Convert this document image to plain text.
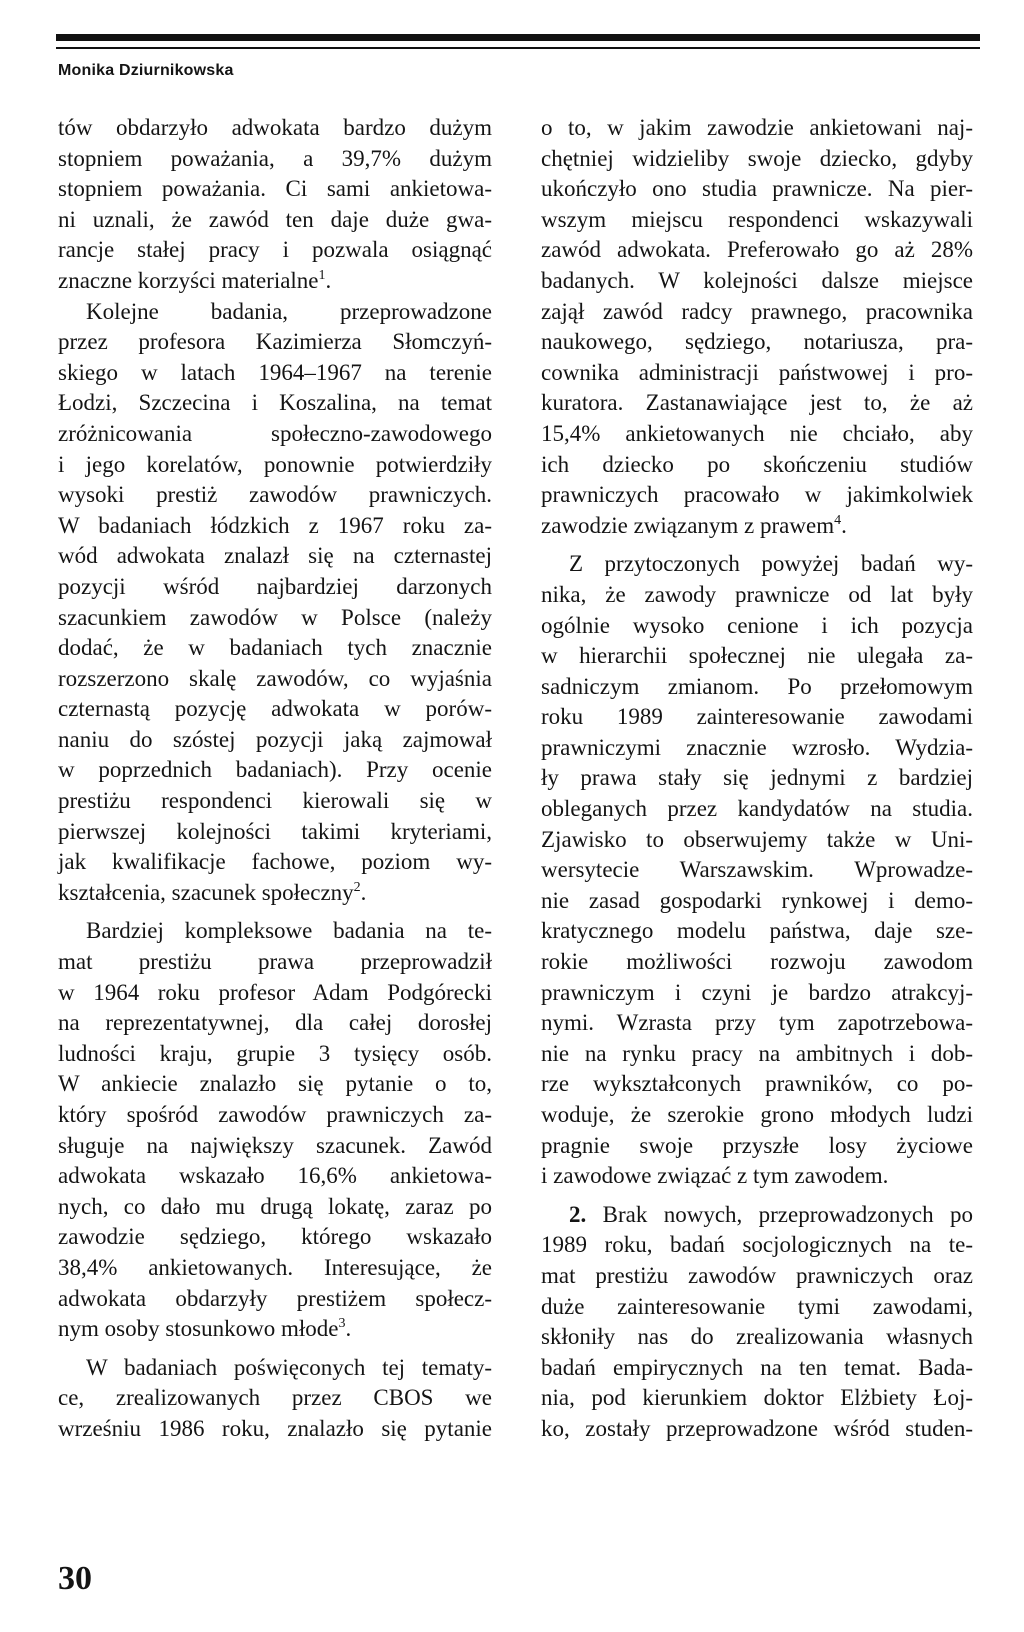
Monika Dziurnikowska

tów obdarzyło adwokata bardzo dużym
stopniem poważania, a 39,7% dużym
stopniem poważania. Ci sami ankietowa-
ni uznali, że zawód ten daje duże gwa-
rancje stałej pracy i pozwala osiągnąć
znaczne korzyści materialne$^1$.

Kolejne badania, przeprowadzone
przez profesora Kazimierza Słomczyń-
skiego w latach 1964–1967 na terenie
Łodzi, Szczecina i Koszalina, na temat
zróżnicowania społeczno-zawodowego
i jego korelatów, ponownie potwierdziły
wysoki prestiż zawodów prawniczych.
W badaniach łódzkich z 1967 roku za-
wód adwokata znalazł się na czternastej
pozycji wśród najbardziej darzonych
szacunkiem zawodów w Polsce (należy
dodać, że w badaniach tych znacznie
rozszerzono skalę zawodów, co wyjaśnia
czternastą pozycję adwokata w porów-
naniu do szóstej pozycji jaką zajmował
w poprzednich badaniach). Przy ocenie
prestiżu respondenci kierowali się w
pierwszej kolejności takimi kryteriami,
jak kwalifikacje fachowe, poziom wy-
kształcenia, szacunek społeczny$^2$.

Bardziej kompleksowe badania na te-
mat prestiżu prawa przeprowadził
w 1964 roku profesor Adam Podgórecki
na reprezentatywnej, dla całej dorosłej
ludności kraju, grupie 3 tysięcy osób.
W ankiecie znalazło się pytanie o to,
który spośród zawodów prawniczych za-
sługuje na największy szacunek. Zawód
adwokata wskazało 16,6% ankietowa-
nych, co dało mu drugą lokatę, zaraz po
zawodzie sędziego, którego wskazało
38,4% ankietowanych. Interesujące, że
adwokata obdarzyły prestiżem społecz-
nym osoby stosunkowo młode$^3$.

W badaniach poświęconych tej tematy-
ce, zrealizowanych przez CBOS we
wrześniu 1986 roku, znalazło się pytanie

o to, w jakim zawodzie ankietowani naj-
chętniej widzieliby swoje dziecko, gdyby
ukończyło ono studia prawnicze. Na pier-
wszym miejscu respondenci wskazywali
zawód adwokata. Preferowało go aż 28%
badanych. W kolejności dalsze miejsce
zajął zawód radcy prawnego, pracownika
naukowego, sędziego, notariusza, pra-
cownika administracji państwowej i pro-
kuratora. Zastanawiające jest to, że aż
15,4% ankietowanych nie chciało, aby
ich dziecko po skończeniu studiów
prawniczych pracowało w jakimkolwiek
zawodzie związanym z prawem$^4$.

Z przytoczonych powyżej badań wy-
nika, że zawody prawnicze od lat były
ogólnie wysoko cenione i ich pozycja
w hierarchii społecznej nie ulegała za-
sadniczym zmianom. Po przełomowym
roku 1989 zainteresowanie zawodami
prawniczymi znacznie wzrosło. Wydzia-
ły prawa stały się jednymi z bardziej
obleganych przez kandydatów na studia.
Zjawisko to obserwujemy także w Uni-
wersytecie Warszawskim. Wprowadze-
nie zasad gospodarki rynkowej i demo-
kratycznego modelu państwa, daje sze-
rokie możliwości rozwoju zawodom
prawniczym i czyni je bardzo atrakcyj-
nymi. Wzrasta przy tym zapotrzebowa-
nie na rynku pracy na ambitnych i dob-
rze wykształconych prawników, co po-
woduje, że szerokie grono młodych ludzi
pragnie swoje przyszłe losy życiowe
i zawodowe związać z tym zawodem.

2. Brak nowych, przeprowadzonych po
1989 roku, badań socjologicznych na te-
mat prestiżu zawodów prawniczych oraz
duże zainteresowanie tymi zawodami,
skłoniły nas do zrealizowania własnych
badań empirycznych na ten temat. Bada-
nia, pod kierunkiem doktor Elżbiety Łoj-
ko, zostały przeprowadzone wśród studen-

30
